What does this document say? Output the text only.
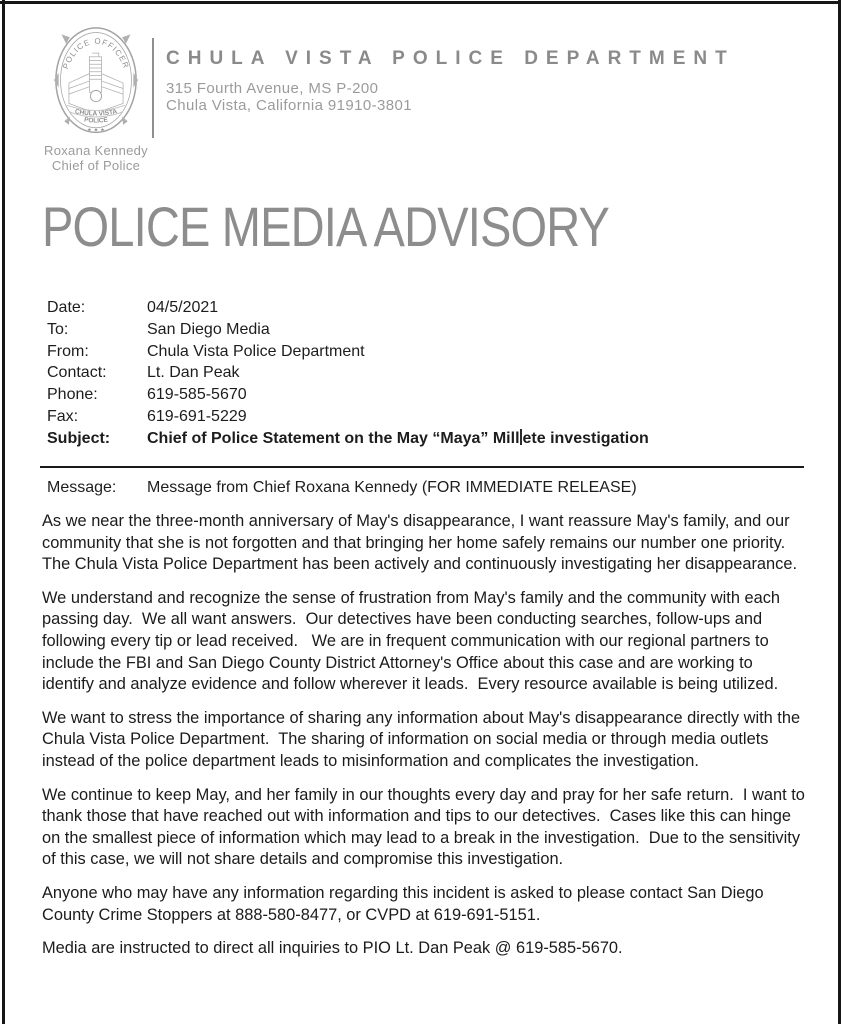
POLICE OFFICER
CHULA VISTA
POLICE
★ ★ ★
Roxana Kennedy
Chief of Police
CHULA VISTA POLICE DEPARTMENT
315 Fourth Avenue, MS P-200
Chula Vista, California 91910-3801
POLICE MEDIA ADVISORY
Date:	04/5/2021
To:	San Diego Media
From:	Chula Vista Police Department
Contact:	Lt. Dan Peak
Phone:	619-585-5670
Fax:	619-691-5229
Subject:	Chief of Police Statement on the May “Maya” Mill ete investigation
Message:	Message from Chief Roxana Kennedy (FOR IMMEDIATE RELEASE)

As we near the three-month anniversary of May's disappearance, I want reassure May's family, and our community that she is not forgotten and that bringing her home safely remains our number one priority.  The Chula Vista Police Department has been actively and continuously investigating her disappearance.

We understand and recognize the sense of frustration from May's family and the community with each passing day.  We all want answers.  Our detectives have been conducting searches, follow-ups and following every tip or lead received.   We are in frequent communication with our regional partners to include the FBI and San Diego County District Attorney's Office about this case and are working to identify and analyze evidence and follow wherever it leads.  Every resource available is being utilized.

We want to stress the importance of sharing any information about May's disappearance directly with the Chula Vista Police Department.  The sharing of information on social media or through media outlets instead of the police department leads to misinformation and complicates the investigation.

We continue to keep May, and her family in our thoughts every day and pray for her safe return.  I want to thank those that have reached out with information and tips to our detectives.  Cases like this can hinge on the smallest piece of information which may lead to a break in the investigation.  Due to the sensitivity of this case, we will not share details and compromise this investigation.

Anyone who may have any information regarding this incident is asked to please contact San Diego County Crime Stoppers at 888-580-8477, or CVPD at 619-691-5151.

Media are instructed to direct all inquiries to PIO Lt. Dan Peak @ 619-585-5670.
